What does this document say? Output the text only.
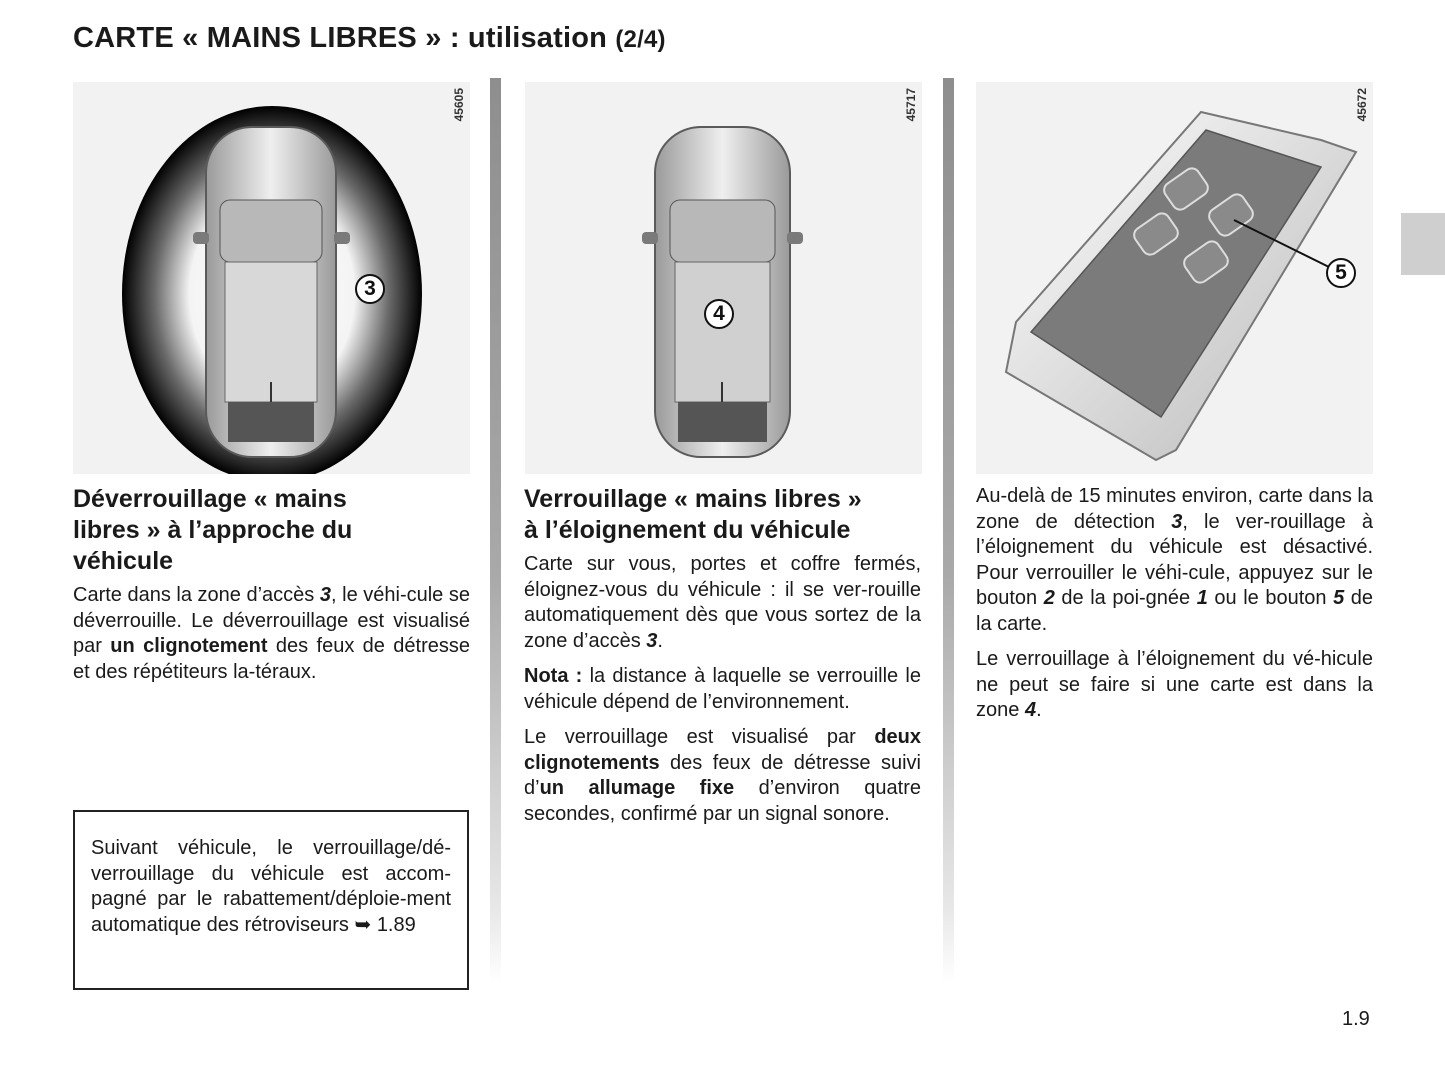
CARTE « MAINS LIBRES » : utilisation (2/4)
45605
3
45717
4
45672
5
Déverrouillage « mains
libres » à l’approche du
véhicule

Carte dans la zone d’accès 3, le véhi-cule se déverrouille. Le déverrouillage est visualisé par un clignotement des feux de détresse et des répétiteurs la-téraux.

Suivant véhicule, le verrouillage/dé-verrouillage du véhicule est accom-pagné par le rabattement/déploie-ment automatique des rétroviseurs ➥ 1.89

Verrouillage « mains libres »
à l’éloignement du véhicule

Carte sur vous, portes et coffre fermés, éloignez-vous du véhicule : il se ver-rouille automatiquement dès que vous sortez de la zone d’accès 3.

Nota : la distance à laquelle se verrouille le véhicule dépend de l’environnement.

Le verrouillage est visualisé par deux clignotements des feux de détresse suivi d’un allumage fixe d’environ quatre secondes, confirmé par un signal sonore.

Au-delà de 15 minutes environ, carte dans la zone de détection 3, le ver-rouillage à l’éloignement du véhicule est désactivé. Pour verrouiller le véhi-cule, appuyez sur le bouton 2 de la poi-gnée 1 ou le bouton 5 de la carte.

Le verrouillage à l’éloignement du vé-hicule ne peut se faire si une carte est dans la zone 4.

1.9
